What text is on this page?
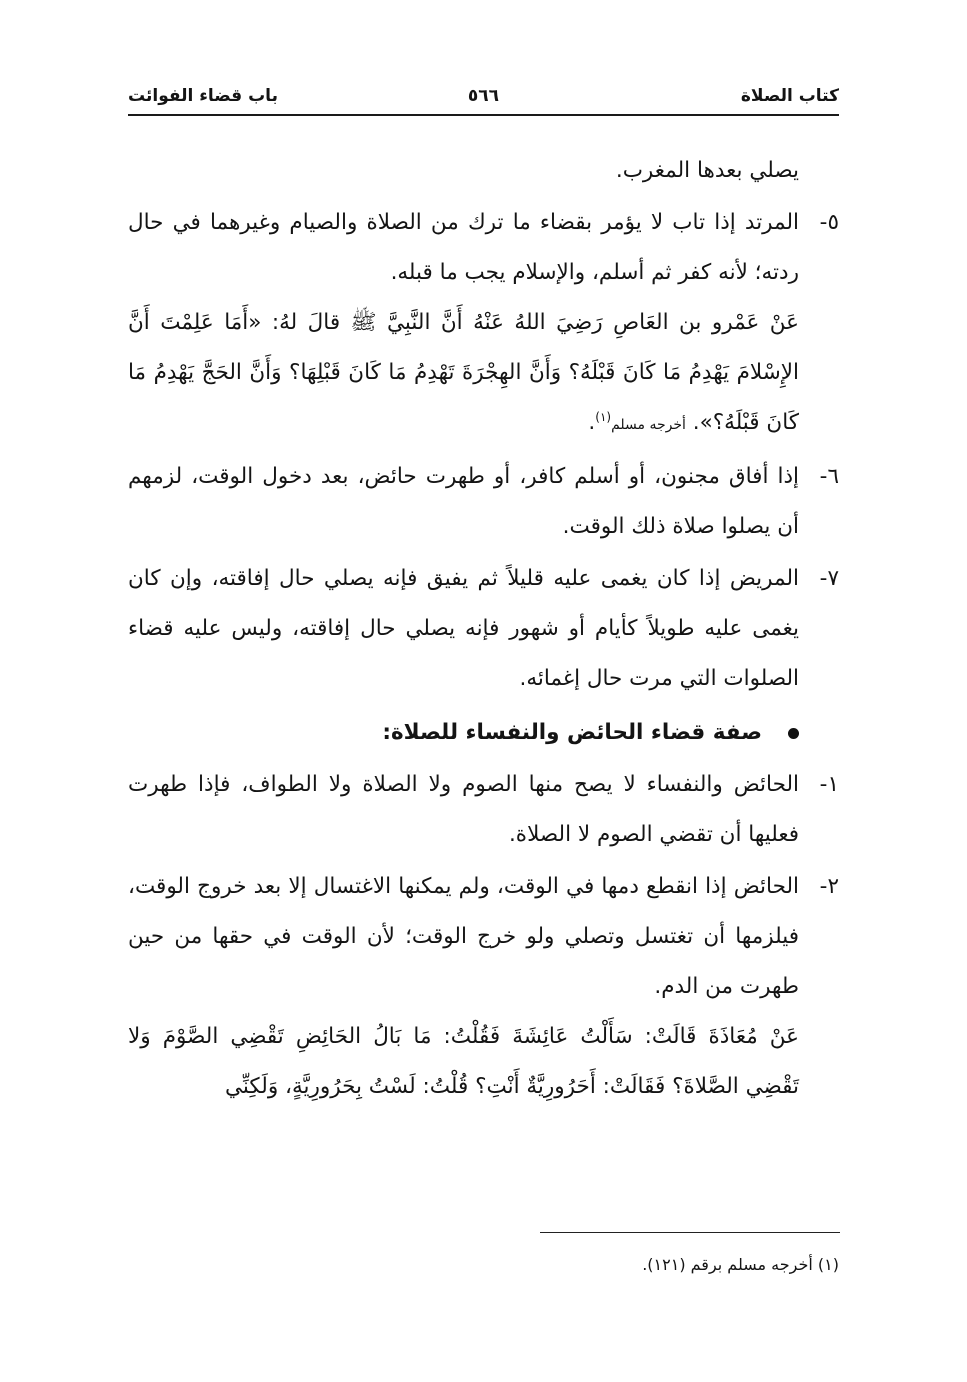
كتاب الصلاة
٥٦٦
باب قضاء الفوائت

يصلي بعدها المغرب.

٥-
المرتد إذا تاب لا يؤمر بقضاء ما ترك من الصلاة والصيام وغيرهما في حال ردته؛ لأنه كفر ثم أسلم، والإسلام يجب ما قبله.

عَنْ عَمْرو بن العَاصِ رَضِيَ اللهُ عَنْهُ أَنَّ النَّبِيَّ ﷺ قالَ لهُ: «أَمَا عَلِمْتَ أَنَّ الإِسْلامَ يَهْدِمُ مَا كَانَ قَبْلَهُ؟ وَأَنَّ الهِجْرَةَ تَهْدِمُ مَا كَانَ قَبْلِهَا؟ وَأَنَّ الحَجَّ يَهْدِمُ مَا كَانَ قَبْلَهُ؟». أخرجه مسلم$^{(١)}$.

٦-
إذا أفاق مجنون، أو أسلم كافر، أو طهرت حائض، بعد دخول الوقت، لزمهم أن يصلوا صلاة ذلك الوقت.
٧-
المريض إذا كان يغمى عليه قليلاً ثم يفيق فإنه يصلي حال إفاقته، وإن كان يغمى عليه طويلاً كأيام أو شهور فإنه يصلي حال إفاقته، وليس عليه قضاء الصلوات التي مرت حال إغمائه.
صفة قضاء الحائض والنفساء للصلاة:
١-
الحائض والنفساء لا يصح منها الصوم ولا الصلاة ولا الطواف، فإذا طهرت فعليها أن تقضي الصوم لا الصلاة.
٢-
الحائض إذا انقطع دمها في الوقت، ولم يمكنها الاغتسال إلا بعد خروج الوقت، فيلزمها أن تغتسل وتصلي ولو خرج الوقت؛ لأن الوقت في حقها من حين طهرت من الدم.

عَنْ مُعَاذَةَ قَالَتْ: سَأَلْتُ عَائِشَةَ فَقُلْتُ: مَا بَالُ الحَائِضِ تَقْضِي الصَّوْمَ وَلا تَقْضِي الصَّلاةَ؟ فَقَالَتْ: أَحَرُورِيَّةٌ أَنْتِ؟ قُلْتُ: لَسْتُ بِحَرُورِيَّةٍ، وَلَكِنِّي

(١) أخرجه مسلم برقم (١٢١).
